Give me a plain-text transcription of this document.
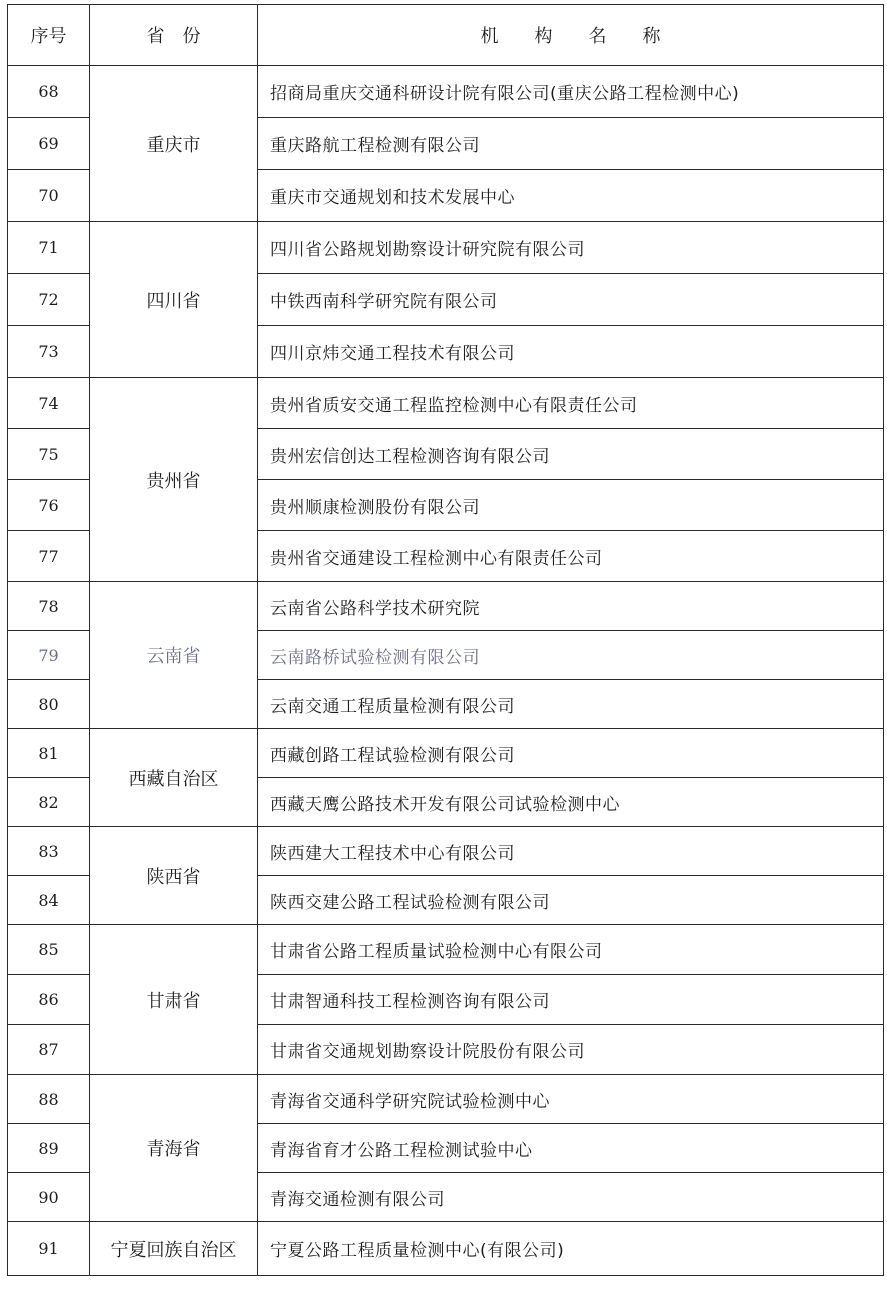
序号	省　份	机　　构　　名　　称
68	重庆市	招商局重庆交通科研设计院有限公司(重庆公路工程检测中心)
69		重庆路航工程检测有限公司
70		重庆市交通规划和技术发展中心
71	四川省	四川省公路规划勘察设计研究院有限公司
72		中铁西南科学研究院有限公司
73		四川京炜交通工程技术有限公司
74	贵州省	贵州省质安交通工程监控检测中心有限责任公司
75		贵州宏信创达工程检测咨询有限公司
76		贵州顺康检测股份有限公司
77		贵州省交通建设工程检测中心有限责任公司
78	云南省	云南省公路科学技术研究院
79		云南路桥试验检测有限公司
80		云南交通工程质量检测有限公司
81	西藏自治区	西藏创路工程试验检测有限公司
82		西藏天鹰公路技术开发有限公司试验检测中心
83	陕西省	陕西建大工程技术中心有限公司
84		陕西交建公路工程试验检测有限公司
85	甘肃省	甘肃省公路工程质量试验检测中心有限公司
86		甘肃智通科技工程检测咨询有限公司
87		甘肃省交通规划勘察设计院股份有限公司
88	青海省	青海省交通科学研究院试验检测中心
89		青海省育才公路工程检测试验中心
90		青海交通检测有限公司
91	宁夏回族自治区	宁夏公路工程质量检测中心(有限公司)
